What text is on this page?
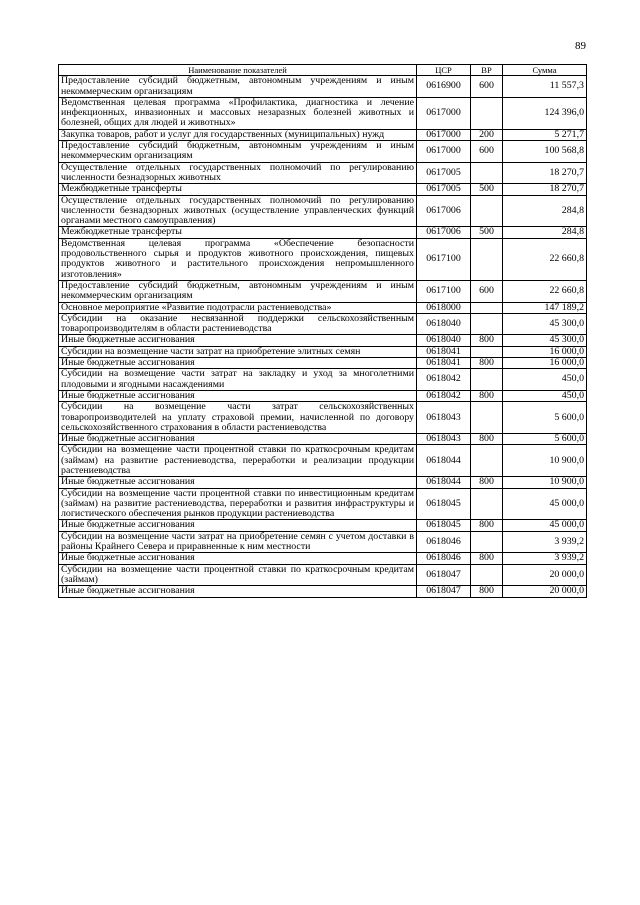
89
Наименование показателей	ЦСР	ВР	Сумма
Предоставление субсидий бюджетным, автономным учреждениям и иным некоммерческим организациям	0616900	600	11 557,3
Ведомственная целевая программа «Профилактика, диагностика и лечение инфекционных, инвазионных и массовых незаразных болезней животных и болезней, общих для людей и животных»	0617000		124 396,0
Закупка товаров, работ и услуг для государственных (муниципальных) нужд	0617000	200	5 271,7
Предоставление субсидий бюджетным, автономным учреждениям и иным некоммерческим организациям	0617000	600	100 568,8
Осуществление отдельных государственных полномочий по регулированию численности безнадзорных животных	0617005		18 270,7
Межбюджетные трансферты	0617005	500	18 270,7
Осуществление отдельных государственных полномочий по регулированию численности безнадзорных животных (осуществление управленческих функций органами местного самоуправления)	0617006		284,8
Межбюджетные трансферты	0617006	500	284,8
Ведомственная целевая программа «Обеспечение безопасности продовольственного сырья и продуктов животного происхождения, пищевых продуктов животного и растительного происхождения непромышленного изготовления»	0617100		22 660,8
Предоставление субсидий бюджетным, автономным учреждениям и иным некоммерческим организациям	0617100	600	22 660,8
Основное мероприятие «Развитие подотрасли растениеводства»	0618000		147 189,2
Субсидии на оказание несвязанной поддержки сельскохозяйственным товаропроизводителям в области растениеводства	0618040		45 300,0
Иные бюджетные ассигнования	0618040	800	45 300,0
Субсидии на возмещение части затрат на приобретение элитных семян	0618041		16 000,0
Иные бюджетные ассигнования	0618041	800	16 000,0
Субсидии на возмещение части затрат на закладку и уход за многолетними плодовыми и ягодными насаждениями	0618042		450,0
Иные бюджетные ассигнования	0618042	800	450,0
Субсидии на возмещение части затрат сельскохозяйственных товаропроизводителей на уплату страховой премии, начисленной по договору сельскохозяйственного страхования в области растениеводства	0618043		5 600,0
Иные бюджетные ассигнования	0618043	800	5 600,0
Субсидии на возмещение части процентной ставки по краткосрочным кредитам (займам) на развитие растениеводства, переработки и реализации продукции растениеводства	0618044		10 900,0
Иные бюджетные ассигнования	0618044	800	10 900,0
Субсидии на возмещение части процентной ставки по инвестиционным кредитам (займам) на развитие растениеводства, переработки и развития инфраструктуры и логистического обеспечения рынков продукции растениеводства	0618045		45 000,0
Иные бюджетные ассигнования	0618045	800	45 000,0
Субсидии на возмещение части затрат на приобретение семян с учетом доставки в районы Крайнего Севера и приравненные к ним местности	0618046		3 939,2
Иные бюджетные ассигнования	0618046	800	3 939,2
Субсидии на возмещение части процентной ставки по краткосрочным кредитам (займам)	0618047		20 000,0
Иные бюджетные ассигнования	0618047	800	20 000,0
